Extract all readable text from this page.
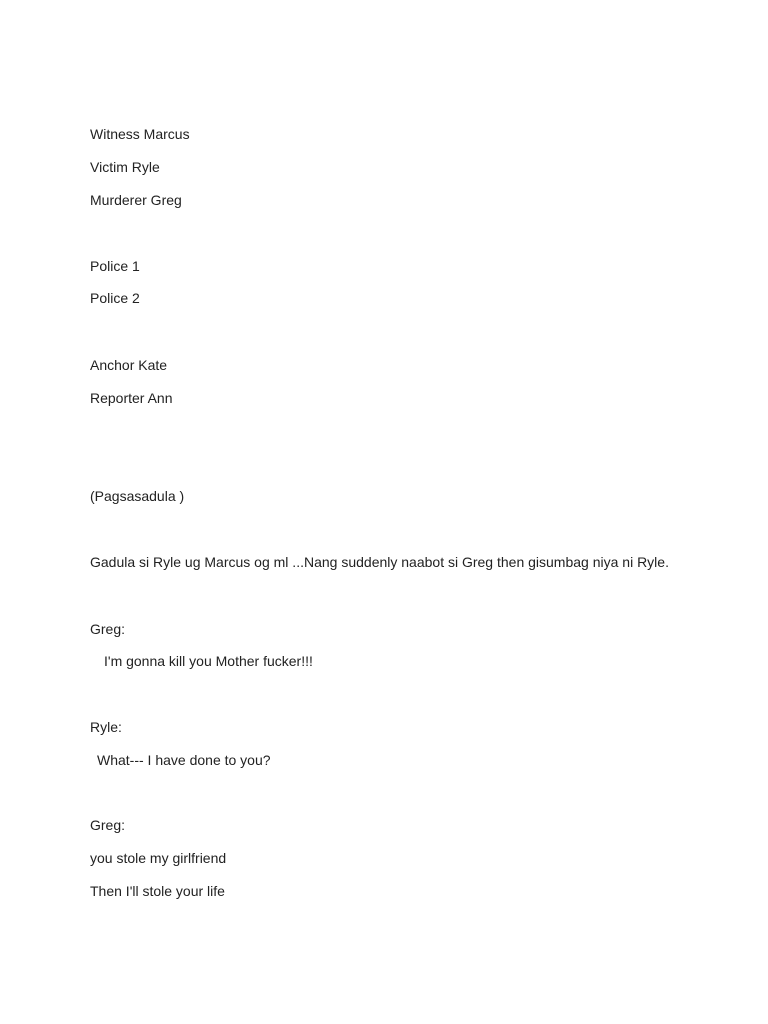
Witness Marcus
Victim Ryle
Murderer Greg
Police 1
Police 2
Anchor Kate
Reporter Ann
(Pagsasadula )
Gadula si Ryle ug Marcus og ml ...Nang suddenly naabot si Greg then gisumbag niya ni Ryle.
Greg:
I'm gonna kill you Mother fucker!!!
Ryle:
What--- I have done to you?
Greg:
you stole my girlfriend
Then I'll stole your life
